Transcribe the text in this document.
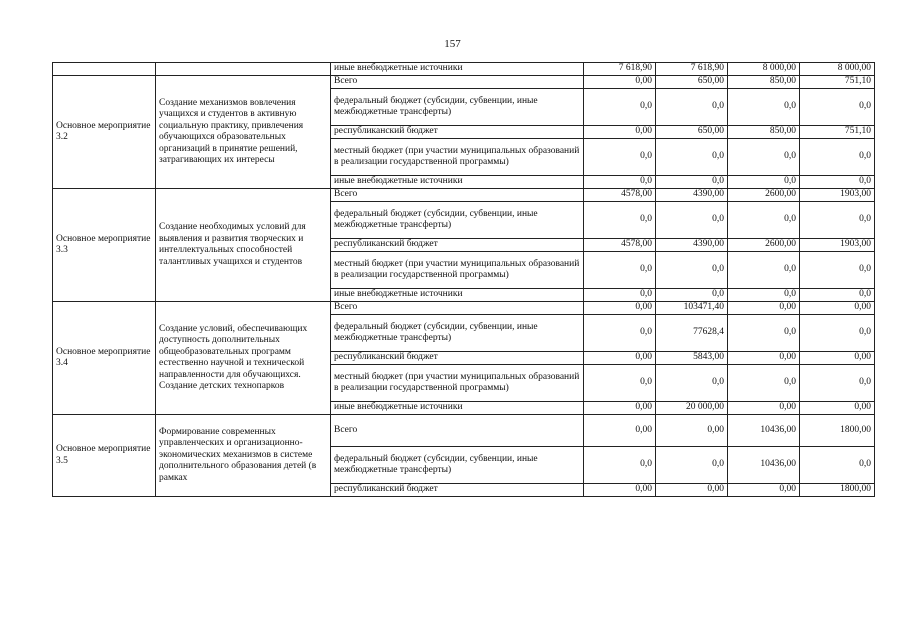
157
		иные внебюджетные источники	7 618,90	7 618,90	8 000,00	8 000,00
Основное мероприятие 3.2	Создание механизмов вовлечения учащихся и студентов в активную социальную практику, привлечения обучающихся образовательных организаций в принятие решений, затрагивающих их интересы	Всего	0,00	650,00	850,00	751,10
		федеральный бюджет (субсидии, субвенции, иные межбюджетные трансферты)	0,0	0,0	0,0	0,0
		республиканский бюджет	0,00	650,00	850,00	751,10
		местный бюджет (при участии муниципальных образований в реализации государственной программы)	0,0	0,0	0,0	0,0
		иные внебюджетные источники	0,0	0,0	0,0	0,0
Основное мероприятие 3.3	Создание необходимых условий для выявления и развития творческих и интеллектуальных способностей талантливых учащихся и студентов	Всего	4578,00	4390,00	2600,00	1903,00
		федеральный бюджет (субсидии, субвенции, иные межбюджетные трансферты)	0,0	0,0	0,0	0,0
		республиканский бюджет	4578,00	4390,00	2600,00	1903,00
		местный бюджет (при участии муниципальных образований в реализации государственной программы)	0,0	0,0	0,0	0,0
		иные внебюджетные источники	0,0	0,0	0,0	0,0
Основное мероприятие 3.4	Создание условий, обеспечивающих доступность дополнительных общеобразовательных программ естественно научной и технической направленности для обучающихся. Создание детских технопарков	Всего	0,00	103471,40	0,00	0,00
		федеральный бюджет (субсидии, субвенции, иные межбюджетные трансферты)	0,0	77628,4	0,0	0,0
		республиканский бюджет	0,00	5843,00	0,00	0,00
		местный бюджет (при участии муниципальных образований в реализации государственной программы)	0,0	0,0	0,0	0,0
		иные внебюджетные источники	0,00	20 000,00	0,00	0,00
Основное мероприятие 3.5	Формирование современных управленческих и организационно-экономических механизмов в системе дополнительного образования детей (в рамках	Всего	0,00	0,00	10436,00	1800,00
		федеральный бюджет (субсидии, субвенции, иные межбюджетные трансферты)	0,0	0,0	10436,00	0,0
		республиканский бюджет	0,00	0,00	0,00	1800,00
